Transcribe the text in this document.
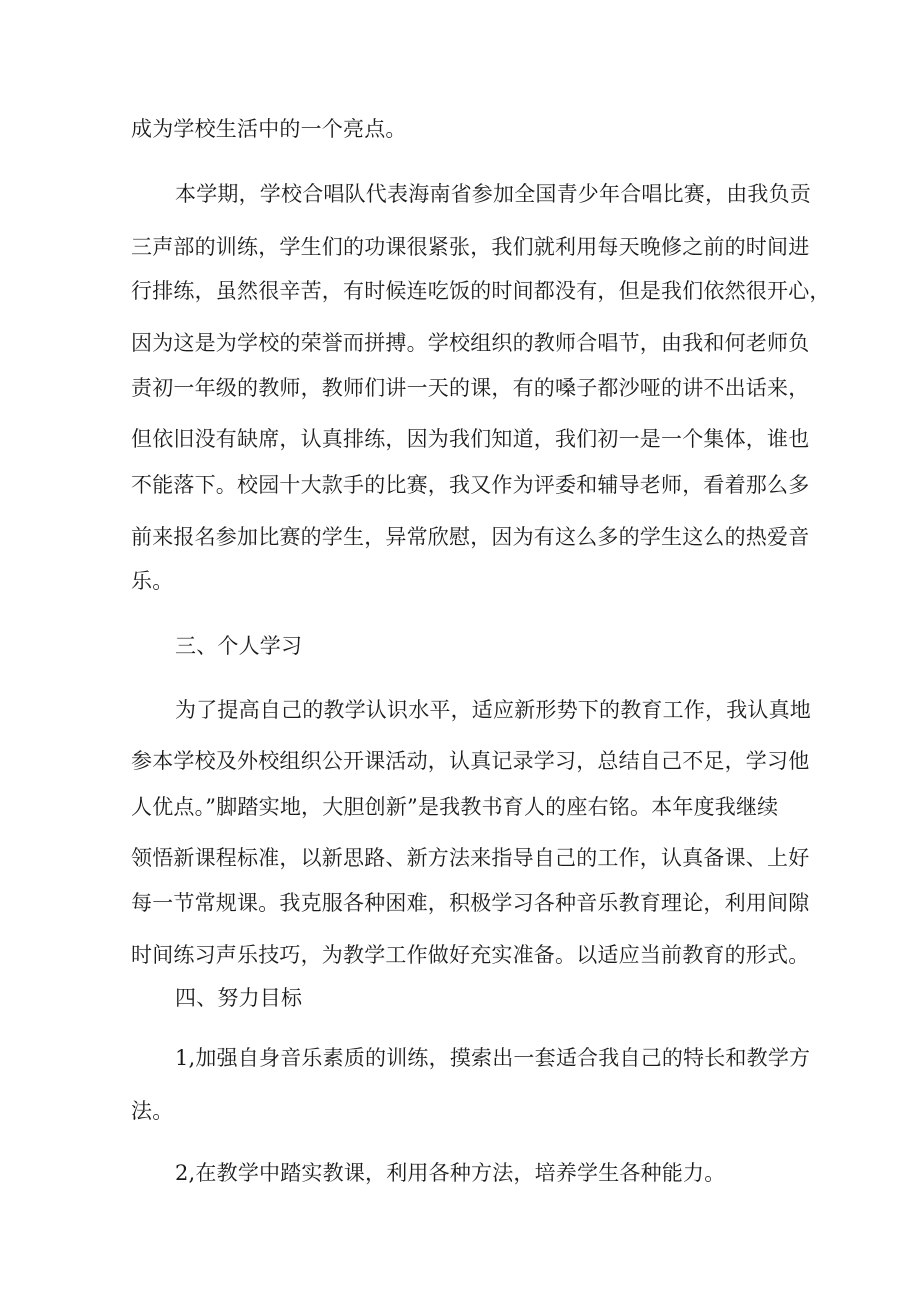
成为学校生活中的一个亮点。
本学期，学校合唱队代表海南省参加全国青少年合唱比赛，由我负贡
三声部的训练，学生们的功课很紧张，我们就利用每天晚修之前的时间进
行排练，虽然很辛苦，有时候连吃饭的时间都没有，但是我们依然很开心，
因为这是为学校的荣誉而拼搏。学校组织的教师合唱节，由我和何老师负
责初一年级的教师，教师们讲一天的课，有的嗓子都沙哑的讲不出话来，
但依旧没有缺席，认真排练，因为我们知道，我们初一是一个集体，谁也
不能落下。校园十大款手的比赛，我又作为评委和辅导老师，看着那么多
前来报名参加比赛的学生，异常欣慰，因为有这么多的学生这么的热爱音
乐。
三、个人学习
为了提高自己的教学认识水平，适应新形势下的教育工作，我认真地
参本学校及外校组织公开课活动，认真记录学习，总结自己不足，学习他
人优点。”脚踏实地，大胆创新”是我教书育人的座右铭。本年度我继续
领悟新课程标准，以新思路、新方法来指导自己的工作，认真备课、上好
每一节常规课。我克服各种困难，积极学习各种音乐教育理论，利用间隙
时间练习声乐技巧，为教学工作做好充实准备。以适应当前教育的形式。
四、努力目标
1,加强自身音乐素质的训练，摸索出一套适合我自己的特长和教学方
法。
2,在教学中踏实教课，利用各种方法，培养学生各种能力。
